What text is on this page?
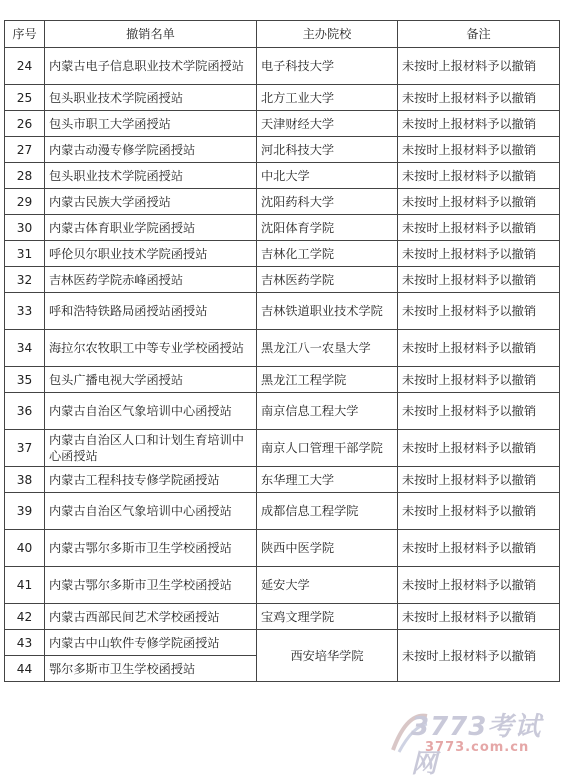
序号	撤销名单	主办院校	备注
24	内蒙古电子信息职业技术学院函授站	电子科技大学	未按时上报材料予以撤销
25	包头职业技术学院函授站	北方工业大学	未按时上报材料予以撤销
26	包头市职工大学函授站	天津财经大学	未按时上报材料予以撤销
27	内蒙古动漫专修学院函授站	河北科技大学	未按时上报材料予以撤销
28	包头职业技术学院函授站	中北大学	未按时上报材料予以撤销
29	内蒙古民族大学函授站	沈阳药科大学	未按时上报材料予以撤销
30	内蒙古体育职业学院函授站	沈阳体育学院	未按时上报材料予以撤销
31	呼伦贝尔职业技术学院函授站	吉林化工学院	未按时上报材料予以撤销
32	吉林医药学院赤峰函授站	吉林医药学院	未按时上报材料予以撤销
33	呼和浩特铁路局函授站函授站	吉林铁道职业技术学院	未按时上报材料予以撤销
34	海拉尔农牧职工中等专业学校函授站	黑龙江八一农垦大学	未按时上报材料予以撤销
35	包头广播电视大学函授站	黑龙江工程学院	未按时上报材料予以撤销
36	内蒙古自治区气象培训中心函授站	南京信息工程大学	未按时上报材料予以撤销
37	内蒙古自治区人口和计划生育培训中心函授站	南京人口管理干部学院	未按时上报材料予以撤销
38	内蒙古工程科技专修学院函授站	东华理工大学	未按时上报材料予以撤销
39	内蒙古自治区气象培训中心函授站	成都信息工程学院	未按时上报材料予以撤销
40	内蒙古鄂尔多斯市卫生学校函授站	陕西中医学院	未按时上报材料予以撤销
41	内蒙古鄂尔多斯市卫生学校函授站	延安大学	未按时上报材料予以撤销
42	内蒙古西部民间艺术学校函授站	宝鸡文理学院	未按时上报材料予以撤销
43	内蒙古中山软件专修学院函授站	西安培华学院	未按时上报材料予以撤销
44	鄂尔多斯市卫生学校函授站		
3773考试网
3773.com.cn
